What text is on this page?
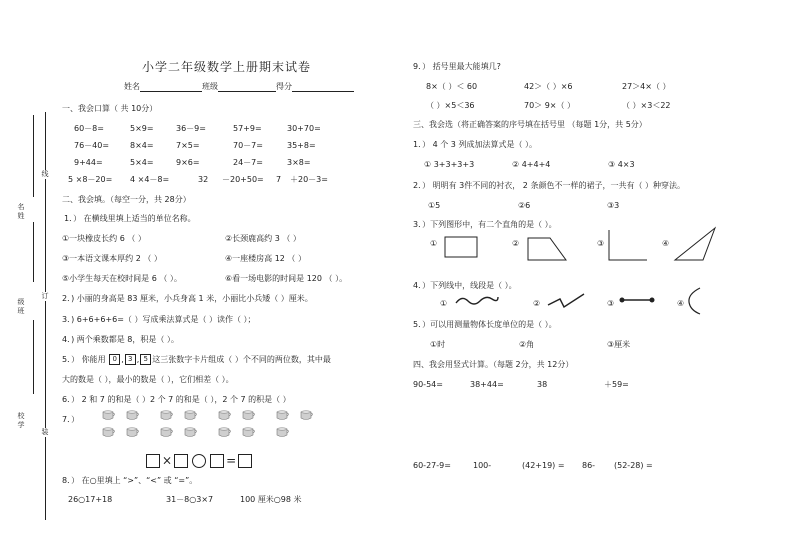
小学二年级数学上册期末试卷
姓名	班级	得分
线
订
装
名
姓
级
班
校
学
一、我会口算（ 共 10分）
60－8=	5×9=	36－9=	57+9=	30+70=
76－40=	8×4=	7×5=	70－7=	35+8=
9+44=	5×4=	9×6=	24－7=	3×8=
5 ×8－20= 4 ×4－8=	32 －20+50= 7 ＋20－3=
二、我会填。（每空一分，共 28分）
1．） 在横线里填上适当的单位名称。
①一块橡皮长约 6 （ ）	②长颈鹿高约 3 （ ）
③一本语文课本厚约 2 （ ）	④一座楼房高 12 （ ）
⑤小学生每天在校时间是 6 （ ）。	⑥看一场电影的时间是 120 （ ）。
2．) 小丽的身高是 83 厘米，小兵身高 1 米，小丽比小兵矮（ ）厘米。
3．) 6+6+6+6=（ ）写成乘法算式是（ ）读作（ ）；
4．) 两个乘数都是 8，积是（ ）。
5．） 你能用 0 , 3 , 5 这三张数字卡片组成（ ）个不同的两位数，其中最
大的数是（ ），最小的数是（ ），它们相差（ ）。
6．） 2 和 7 的和是（ ）2 个 7 的和是（ ），2 个 7 的积是（ ）
7．）
×	=
8．） 在○里填上 “>”、“<” 或 “=”。
26○17+18	31－8○3×7	100 厘米○98 米
9．） 括号里最大能填几?
8×（ ）＜ 60	42＞（ ）×6	27＞4×（ ）
（ ）×5＜36	70＞ 9×（ ）	（ ）×3＜22
三、我会选（将正确答案的序号填在括号里 （每题 1分，共 5分）
1．） 4 个 3 列成加法算式是（ ）。
① 3+3+3+3	② 4+4+4	③ 4×3
2．） 明明有 3件不同的衬衣， 2 条颜色不一样的裙子，一共有（ ）种穿法。
①5	②6	③3
3．）下列图形中，有二个直角的是（ ）。
①	②	③	④
4．）下列线中，线段是（ ）。
①	②	③	④
5．）可以用测量物体长度单位的是（ ）。
①时	②角	③厘米
四、我会用竖式计算。（每题 2分，共 12分）
90-54=	38+44=	38	＋59=
60-27-9=	100-	(42+19) = 86- (52-28) =
